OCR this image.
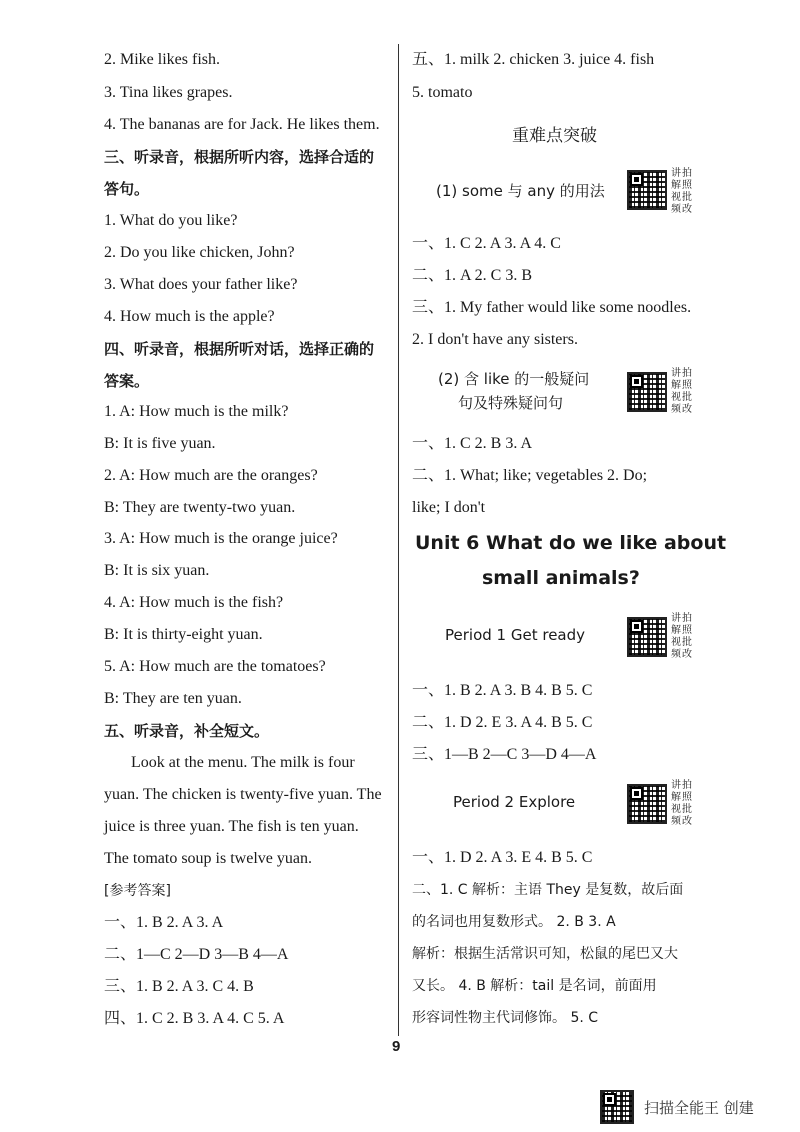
2. Mike likes fish.
3. Tina likes grapes.
4. The bananas are for Jack. He likes them.
三、听录音，根据所听内容，选择合适的
答句。
1. What do you like?
2. Do you like chicken, John?
3. What does your father like?
4. How much is the apple?
四、听录音，根据所听对话，选择正确的
答案。
1. A: How much is the milk?
B: It is five yuan.
2. A: How much are the oranges?
B: They are twenty-two yuan.
3. A: How much is the orange juice?
B: It is six yuan.
4. A: How much is the fish?
B: It is thirty-eight yuan.
5. A: How much are the tomatoes?
B: They are ten yuan.
五、听录音，补全短文。
Look at the menu. The milk is four
yuan. The chicken is twenty-five yuan. The
juice is three yuan. The fish is ten yuan.
The tomato soup is twelve yuan.
[参考答案]
一、1. B 2. A 3. A
二、1—C 2—D 3—B 4—A
三、1. B 2. A 3. C 4. B
四、1. C 2. B 3. A 4. C 5. A
五、1. milk 2. chicken 3. juice 4. fish
5. tomato
重难点突破
(1) some 与 any 的用法
讲拍解照视批频改
一、1. C 2. A 3. A 4. C
二、1. A 2. C 3. B
三、1. My father would like some noodles.
2. I don't have any sisters.
(2) 含 like 的一般疑问
句及特殊疑问句
讲拍解照视批频改
一、1. C 2. B 3. A
二、1. What; like; vegetables 2. Do;
like; I don't
Unit 6 What do we like about
small animals?
Period 1 Get ready
讲拍解照视批频改
一、1. B 2. A 3. B 4. B 5. C
二、1. D 2. E 3. A 4. B 5. C
三、1—B 2—C 3—D 4—A
Period 2 Explore
讲拍解照视批频改
一、1. D 2. A 3. E 4. B 5. C
二、1. C 解析：主语 They 是复数，故后面
的名词也用复数形式。 2. B 3. A
解析：根据生活常识可知，松鼠的尾巴又大
又长。 4. B 解析：tail 是名词，前面用
形容词性物主代词修饰。 5. C
9
扫描全能王 创建
